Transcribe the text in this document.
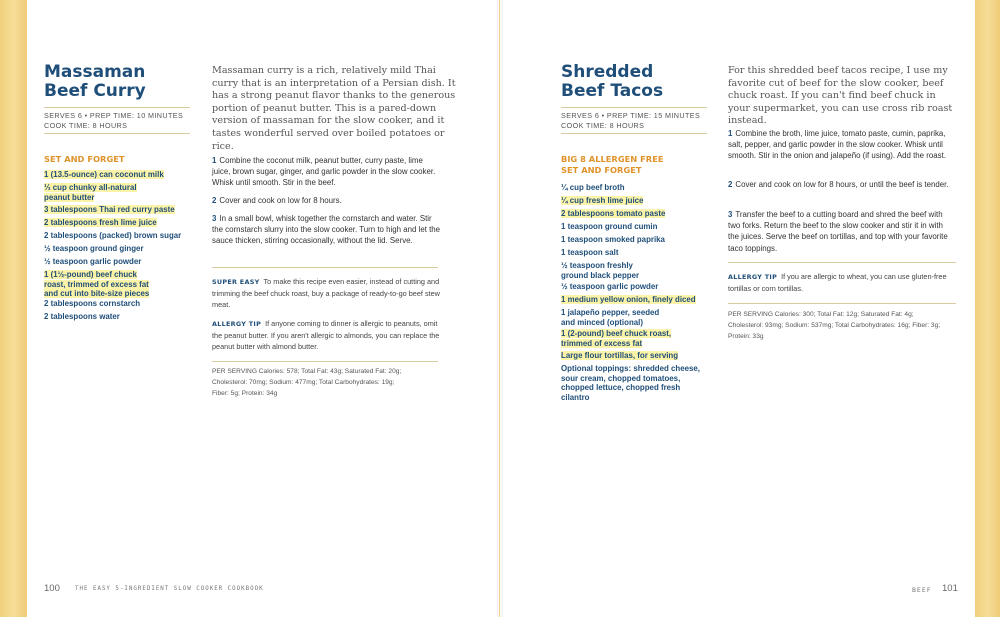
Massaman
Beef Curry
SERVES 6 • PREP TIME: 10 MINUTES
COOK TIME: 8 HOURS
SET AND FORGET
1 (13.5-ounce) can coconut milk
⅓ cup chunky all-natural peanut butter
3 tablespoons Thai red curry paste
2 tablespoons fresh lime juice
2 tablespoons (packed) brown sugar
½ teaspoon ground ginger
½ teaspoon garlic powder
1 (1½-pound) beef chuck roast, trimmed of excess fat and cut into bite-size pieces
2 tablespoons cornstarch
2 tablespoons water
Massaman curry is a rich, relatively mild Thai curry that is an interpretation of a Persian dish. It has a strong peanut flavor thanks to the generous portion of peanut butter. This is a pared-down version of massaman for the slow cooker, and it tastes wonderful served over boiled potatoes or rice.
1 Combine the coconut milk, peanut butter, curry paste, lime juice, brown sugar, ginger, and garlic powder in the slow cooker. Whisk until smooth. Stir in the beef.
2 Cover and cook on low for 8 hours.
3 In a small bowl, whisk together the cornstarch and water. Stir the cornstarch slurry into the slow cooker. Turn to high and let the sauce thicken, stirring occasionally, without the lid. Serve.
SUPER EASY To make this recipe even easier, instead of cutting and trimming the beef chuck roast, buy a package of ready-to-go beef stew meat.
ALLERGY TIP If anyone coming to dinner is allergic to peanuts, omit the peanut butter. If you aren't allergic to almonds, you can replace the peanut butter with almond butter.
PER SERVING Calories: 578; Total Fat: 43g; Saturated Fat: 20g; Cholesterol: 70mg; Sodium: 477mg; Total Carbohydrates: 19g; Fiber: 5g; Protein: 34g
100	THE EASY 5-INGREDIENT SLOW COOKER COOKBOOK
Shredded
Beef Tacos
SERVES 6 • PREP TIME: 15 MINUTES
COOK TIME: 8 HOURS
BIG 8 ALLERGEN FREE
SET AND FORGET
¼ cup beef broth
¼ cup fresh lime juice
2 tablespoons tomato paste
1 teaspoon ground cumin
1 teaspoon smoked paprika
1 teaspoon salt
½ teaspoon freshly ground black pepper
½ teaspoon garlic powder
1 medium yellow onion, finely diced
1 jalapeño pepper, seeded and minced (optional)
1 (2-pound) beef chuck roast, trimmed of excess fat
Large flour tortillas, for serving
Optional toppings: shredded cheese, sour cream, chopped tomatoes, chopped lettuce, chopped fresh cilantro
For this shredded beef tacos recipe, I use my favorite cut of beef for the slow cooker, beef chuck roast. If you can't find beef chuck in your supermarket, you can use cross rib roast instead.
1 Combine the broth, lime juice, tomato paste, cumin, paprika, salt, pepper, and garlic powder in the slow cooker. Whisk until smooth. Stir in the onion and jalapeño (if using). Add the roast.
2 Cover and cook on low for 8 hours, or until the beef is tender.
3 Transfer the beef to a cutting board and shred the beef with two forks. Return the beef to the slow cooker and stir it in with the juices. Serve the beef on tortillas, and top with your favorite taco toppings.
ALLERGY TIP If you are allergic to wheat, you can use gluten-free tortillas or corn tortillas.
PER SERVING Calories: 300; Total Fat: 12g; Saturated Fat: 4g; Cholesterol: 93mg; Sodium: 537mg; Total Carbohydrates: 16g; Fiber: 3g; Protein: 33g
BEEF 101
